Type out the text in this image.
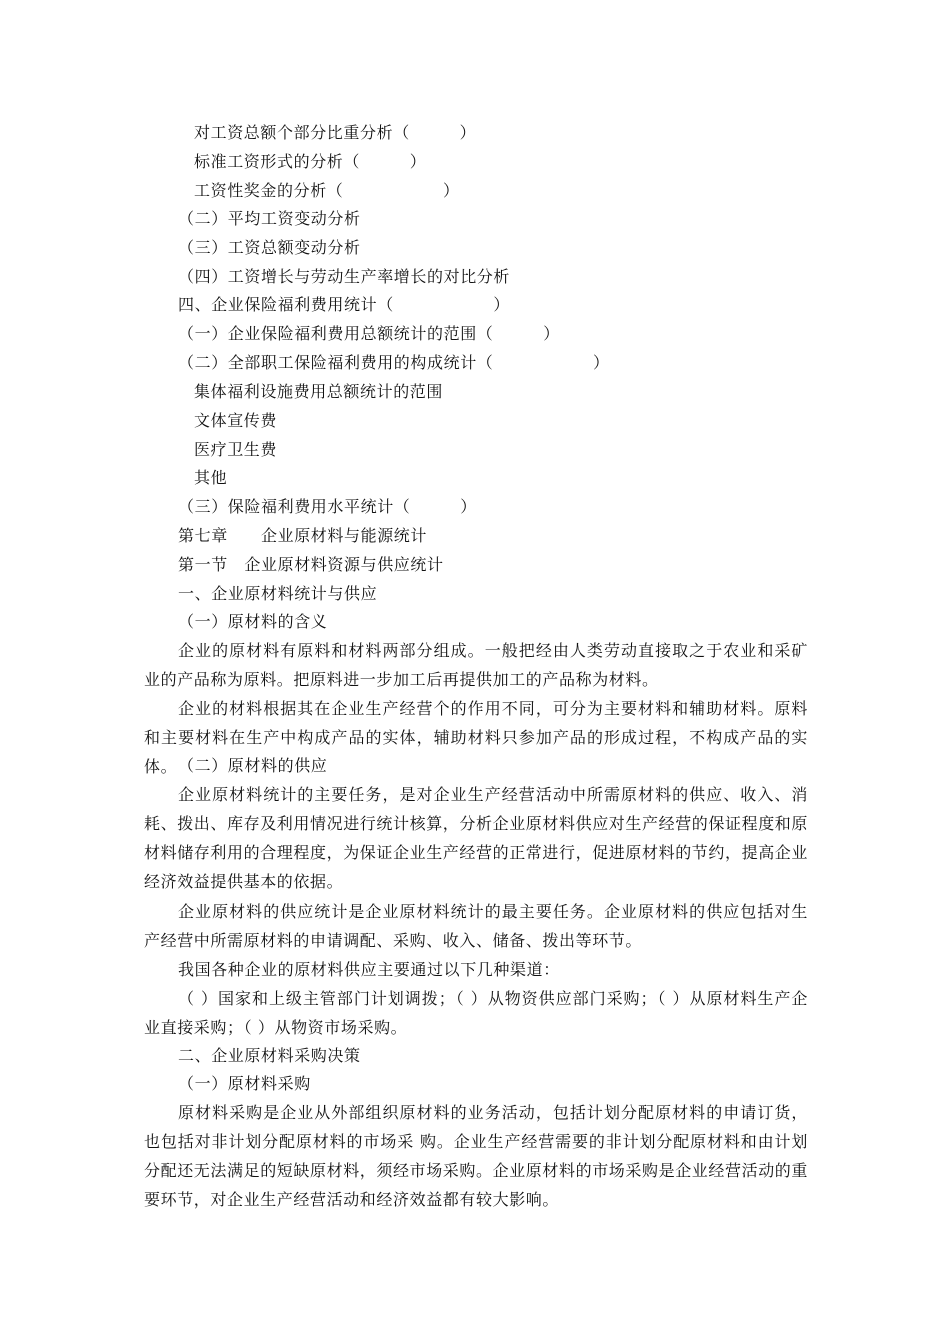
对工资总额个部分比重分析（　　　）
标准工资形式的分析（　　　）
工资性奖金的分析（　　　　　　）
（二）平均工资变动分析
（三）工资总额变动分析
（四）工资增长与劳动生产率增长的对比分析
四、企业保险福利费用统计（　　　　　　）
（一）企业保险福利费用总额统计的范围（　　　）
（二）全部职工保险福利费用的构成统计（　　　　　　）
集体福利设施费用总额统计的范围
文体宣传费
医疗卫生费
其他
（三）保险福利费用水平统计（　　　）
第七章　　企业原材料与能源统计
第一节　企业原材料资源与供应统计
一、企业原材料统计与供应
（一）原材料的含义
企业的原材料有原料和材料两部分组成。一般把经由人类劳动直接取之于农业和采矿业的产品称为原料。把原料进一步加工后再提供加工的产品称为材料。
企业的材料根据其在企业生产经营个的作用不同，可分为主要材料和辅助材料。原料和主要材料在生产中构成产品的实体，辅助材料只参加产品的形成过程，不构成产品的实体。 （二）原材料的供应
企业原材料统计的主要任务，是对企业生产经营活动中所需原材料的供应、收入、消耗、拨出、库存及利用情况进行统计核算，分析企业原材料供应对生产经营的保证程度和原材料储存利用的合理程度，为保证企业生产经营的正常进行，促进原材料的节约，提高企业经济效益提供基本的依据。
企业原材料的供应统计是企业原材料统计的最主要任务。企业原材料的供应包括对生产经营中所需原材料的申请调配、采购、收入、储备、拨出等环节。
我国各种企业的原材料供应主要通过以下几种渠道：
（ ）国家和上级主管部门计划调拨；（ ）从物资供应部门采购；（ ）从原材料生产企业直接采购；（ ）从物资市场采购。
二、企业原材料采购决策
（一）原材料采购
原材料采购是企业从外部组织原材料的业务活动，包括计划分配原材料的申请订货，也包括对非计划分配原材料的市场采 购。企业生产经营需要的非计划分配原材料和由计划分配还无法满足的短缺原材料，须经市场采购。企业原材料的市场采购是企业经营活动的重要环节，对企业生产经营活动和经济效益都有较大影响。
